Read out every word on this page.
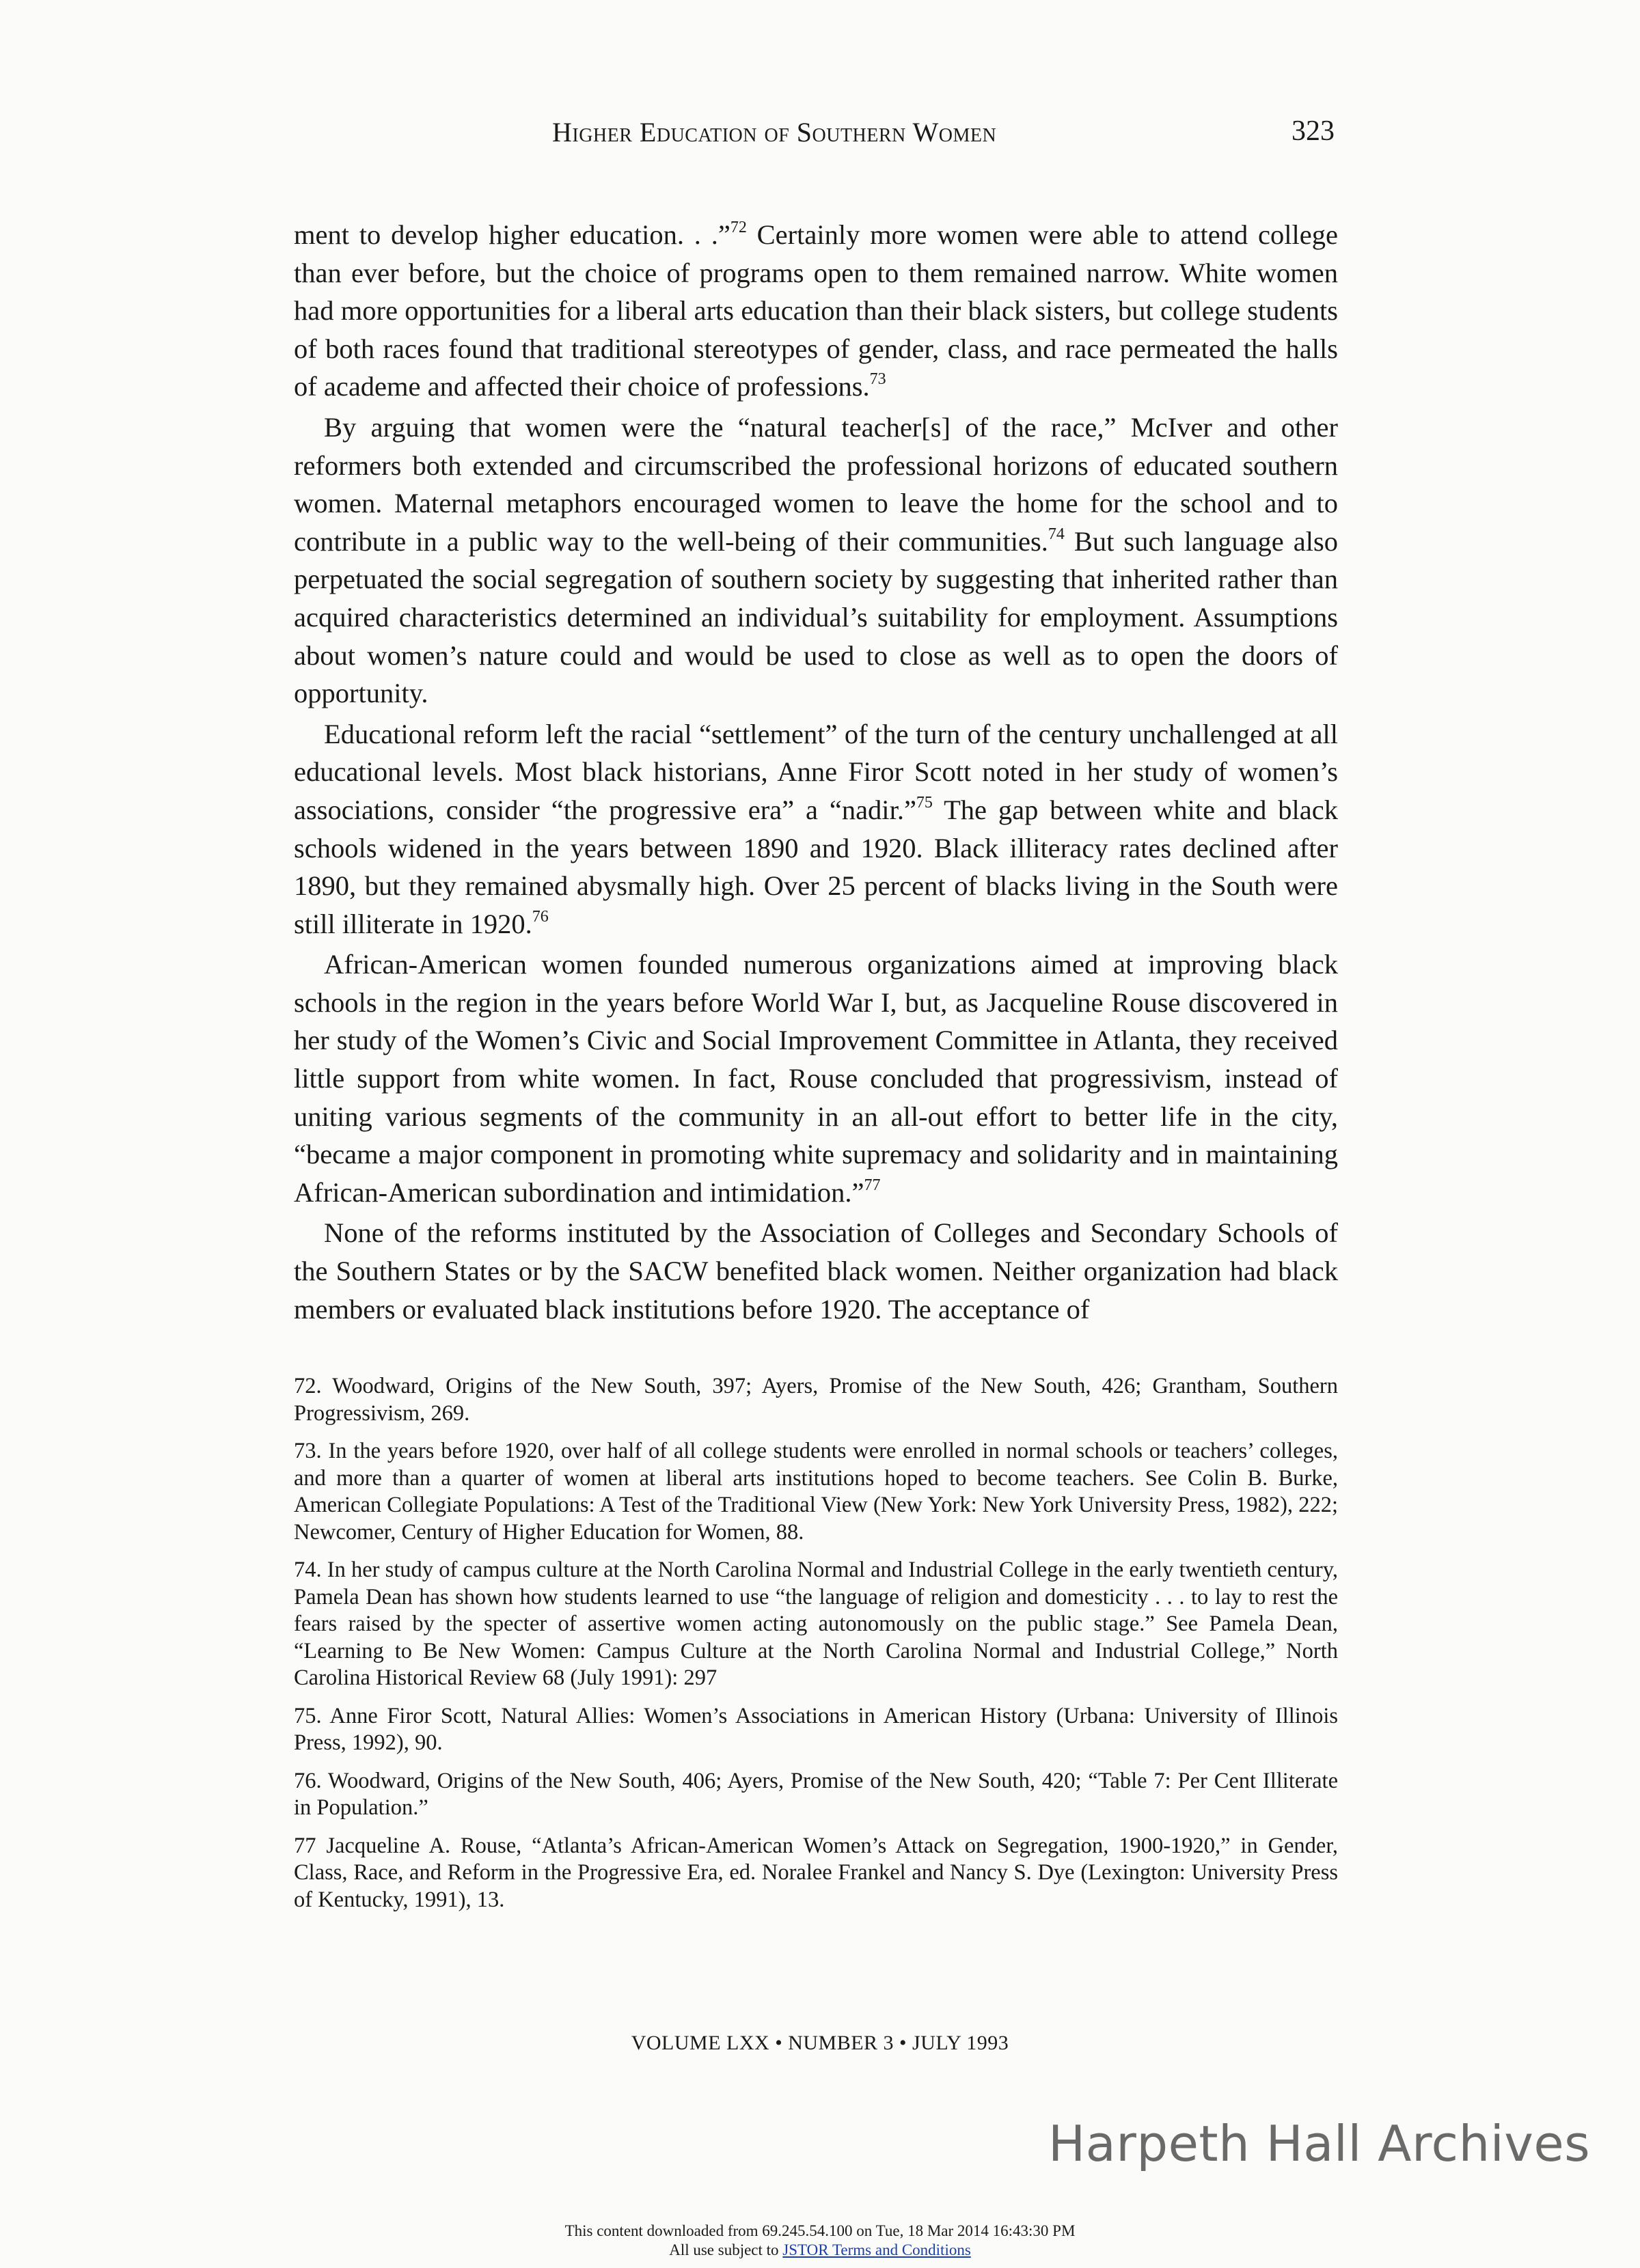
Higher Education of Southern Women	323

ment to develop higher education. . .”$^{72}$ Certainly more women were able to attend college than ever before, but the choice of programs open to them remained narrow. White women had more opportunities for a liberal arts education than their black sisters, but college students of both races found that traditional stereotypes of gender, class, and race permeated the halls of academe and affected their choice of professions.$^{73}$

By arguing that women were the “natural teacher[s] of the race,” McIver and other reformers both extended and circumscribed the professional horizons of educated southern women. Maternal metaphors encouraged women to leave the home for the school and to contribute in a public way to the well-being of their communities.$^{74}$ But such language also perpetuated the social segregation of southern society by suggesting that inherited rather than acquired characteristics determined an individual’s suitability for employment. Assumptions about women’s nature could and would be used to close as well as to open the doors of opportunity.

Educational reform left the racial “settlement” of the turn of the century unchallenged at all educational levels. Most black historians, Anne Firor Scott noted in her study of women’s associations, consider “the progressive era” a “nadir.”$^{75}$ The gap between white and black schools widened in the years between 1890 and 1920. Black illiteracy rates declined after 1890, but they remained abysmally high. Over 25 percent of blacks living in the South were still illiterate in 1920.76

African-American women founded numerous organizations aimed at improving black schools in the region in the years before World War I, but, as Jacqueline Rouse discovered in her study of the Women’s Civic and Social Improvement Committee in Atlanta, they received little support from white women. In fact, Rouse concluded that progressivism, instead of uniting various segments of the community in an all-out effort to better life in the city, “became a major component in promoting white supremacy and solidarity and in maintaining African-American subordination and intimidation.”$^{77}$

None of the reforms instituted by the Association of Colleges and Secondary Schools of the Southern States or by the SACW benefited black women. Neither organization had black members or evaluated black institutions before 1920. The acceptance of

72. Woodward, Origins of the New South, 397; Ayers, Promise of the New South, 426; Grantham, Southern Progressivism, 269.
73. In the years before 1920, over half of all college students were enrolled in normal schools or teachers’ colleges, and more than a quarter of women at liberal arts institutions hoped to become teachers. See Colin B. Burke, American Collegiate Populations: A Test of the Traditional View (New York: New York University Press, 1982), 222; Newcomer, Century of Higher Education for Women, 88.
74. In her study of campus culture at the North Carolina Normal and Industrial College in the early twentieth century, Pamela Dean has shown how students learned to use “the language of religion and domesticity . . . to lay to rest the fears raised by the specter of assertive women acting autonomously on the public stage.” See Pamela Dean, “Learning to Be New Women: Campus Culture at the North Carolina Normal and Industrial College,” North Carolina Historical Review 68 (July 1991): 297
75. Anne Firor Scott, Natural Allies: Women’s Associations in American History (Urbana: University of Illinois Press, 1992), 90.
76. Woodward, Origins of the New South, 406; Ayers, Promise of the New South, 420; “Table 7: Per Cent Illiterate in Population.”
77 Jacqueline A. Rouse, “Atlanta’s African-American Women’s Attack on Segregation, 1900-1920,” in Gender, Class, Race, and Reform in the Progressive Era, ed. Noralee Frankel and Nancy S. Dye (Lexington: University Press of Kentucky, 1991), 13.
VOLUME LXX • NUMBER 3 • JULY 1993
Harpeth Hall Archives
This content downloaded from 69.245.54.100 on Tue, 18 Mar 2014 16:43:30 PM
All use subject to JSTOR Terms and Conditions
